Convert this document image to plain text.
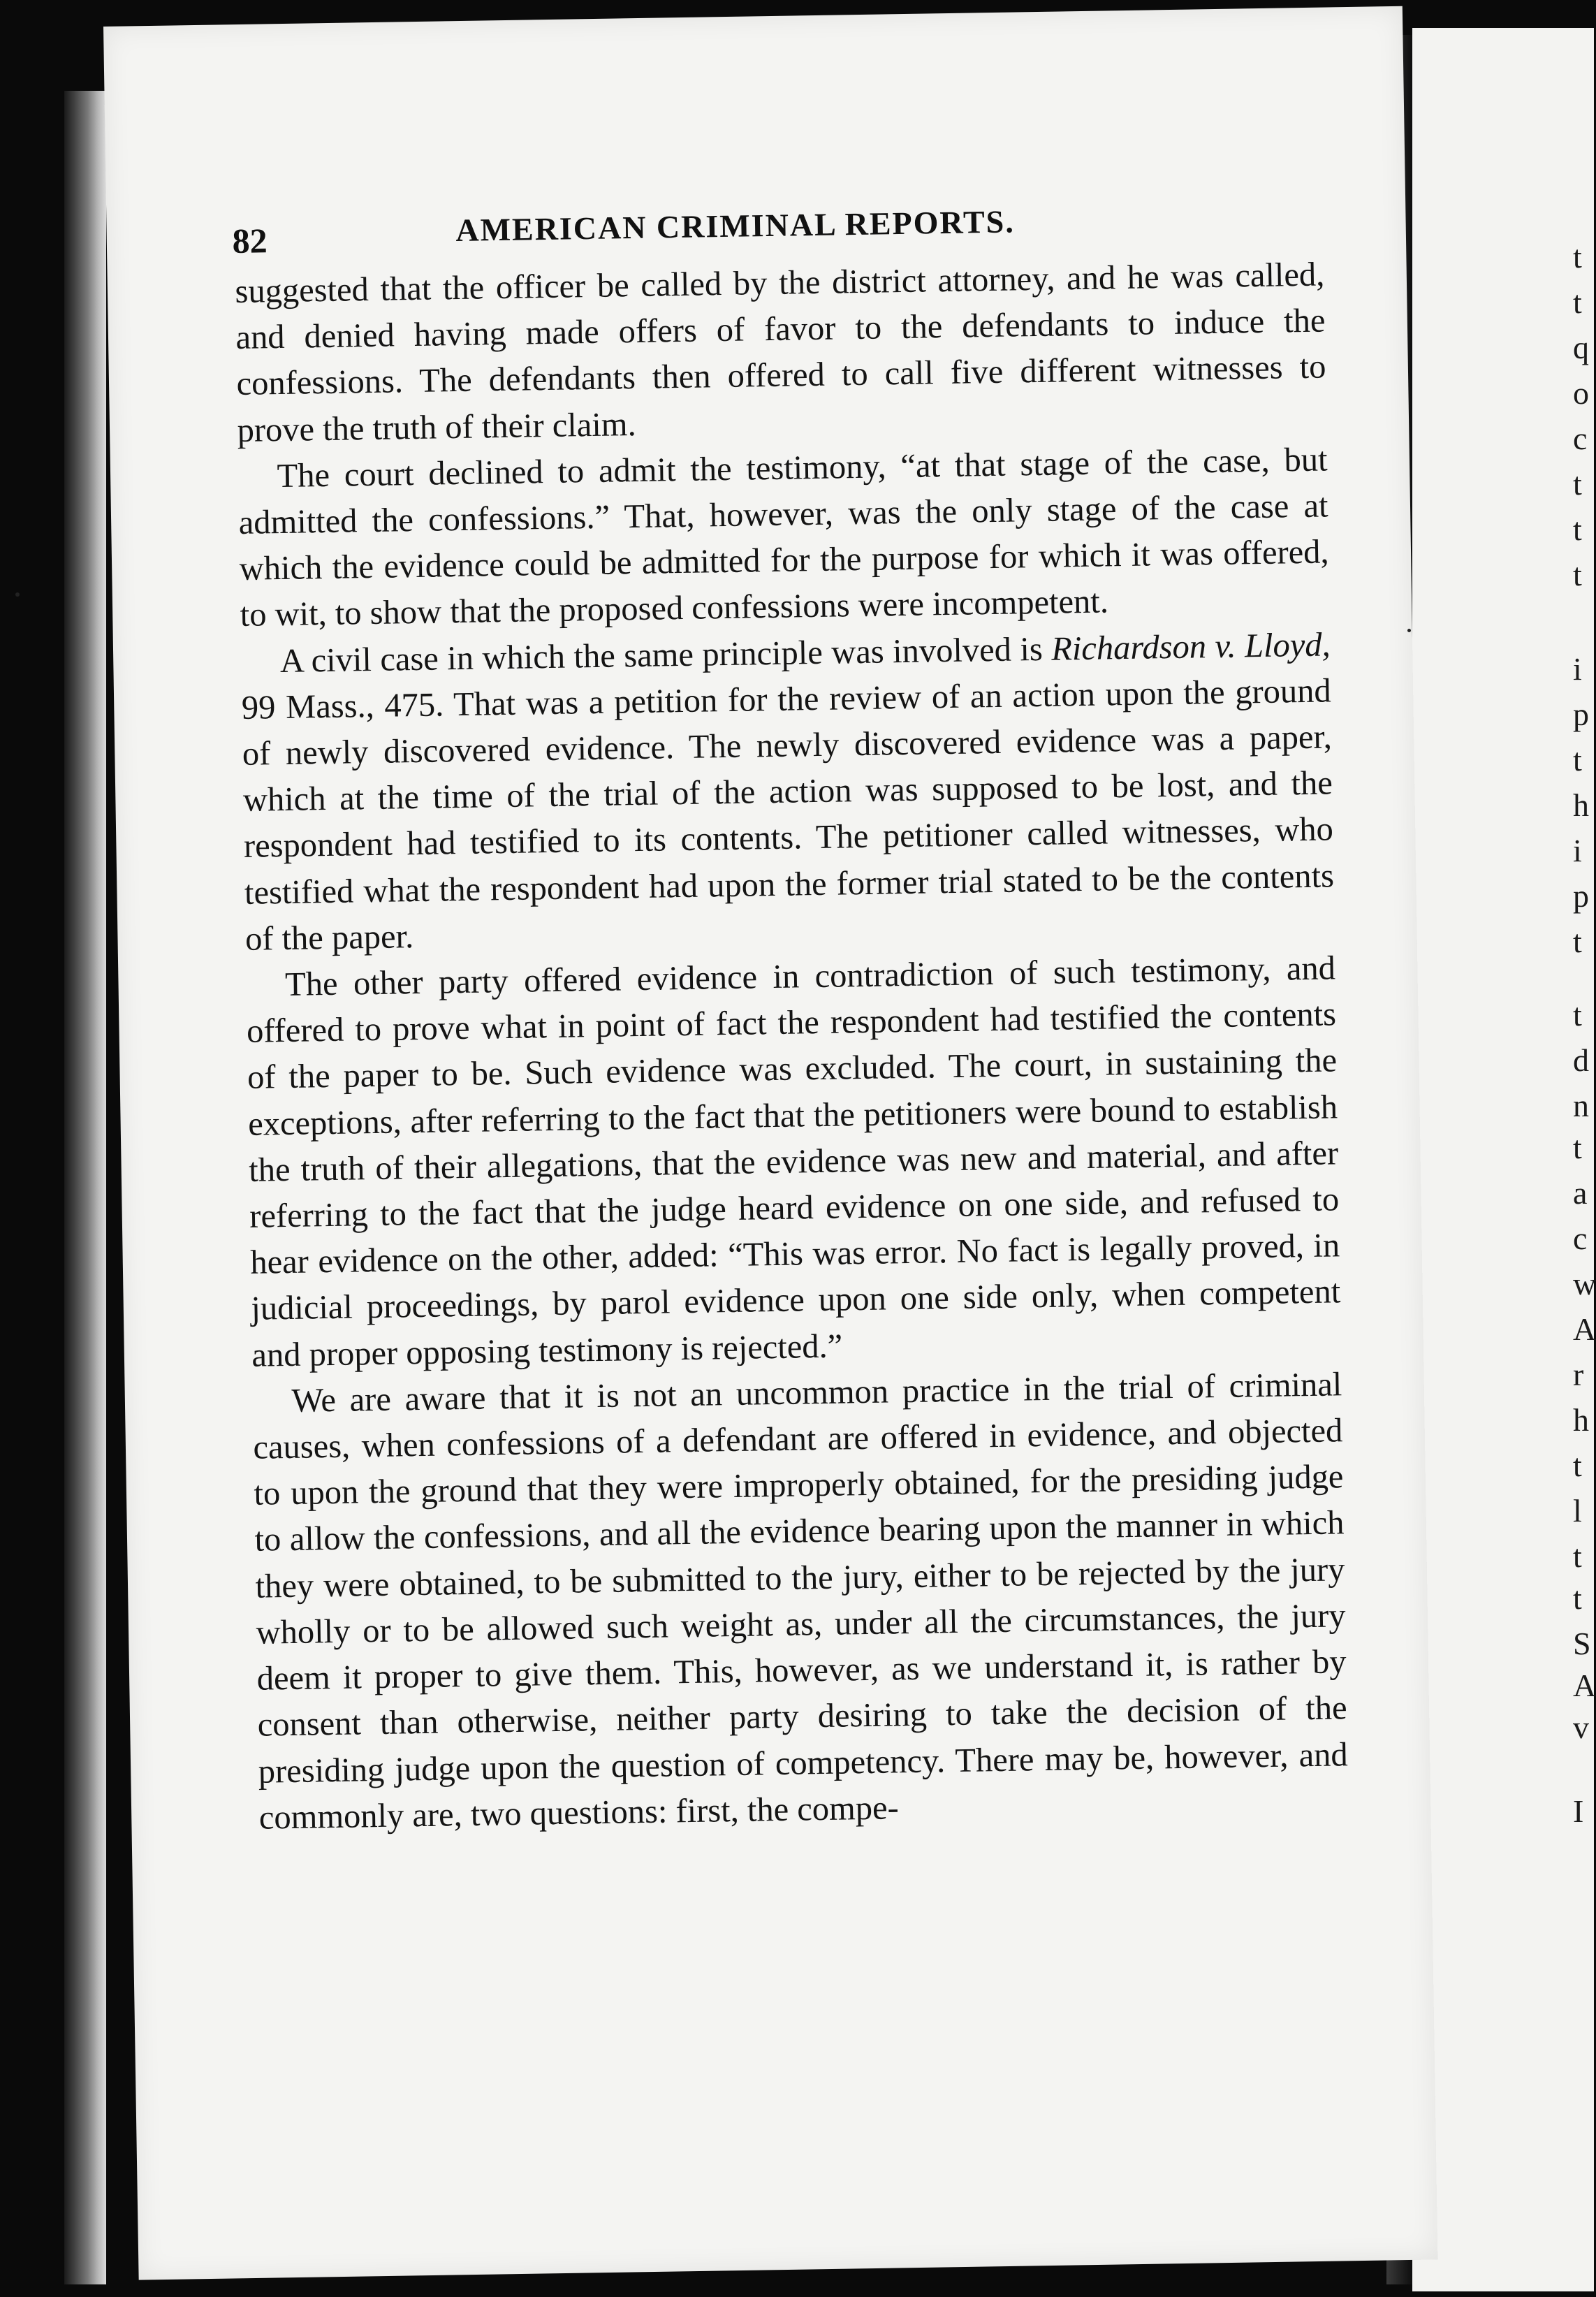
t
t
q
o
c
t
t
t
i
p
t
h
i
p
t
t
d
n
t
a
c
w
A
r
h
t
l
t
t
S
A
v
I
82	AMERICAN CRIMINAL REPORTS.

suggested that the officer be called by the district attorney, and he was called, and denied having made offers of favor to the defendants to induce the confessions. The defendants then offered to call five different witnesses to prove the truth of their claim.

The court declined to admit the testimony, “at that stage of the case, but admitted the confessions.” That, however, was the only stage of the case at which the evidence could be admitted for the purpose for which it was offered, to wit, to show that the proposed confessions were incompetent.

A civil case in which the same principle was involved is Richardson v. Lloyd, 99 Mass., 475. That was a petition for the review of an action upon the ground of newly discovered evidence. The newly discovered evidence was a paper, which at the time of the trial of the action was supposed to be lost, and the respondent had testified to its contents. The petitioner called witnesses, who testified what the respondent had upon the former trial stated to be the contents of the paper.

The other party offered evidence in contradiction of such testimony, and offered to prove what in point of fact the respondent had testified the contents of the paper to be. Such evidence was excluded. The court, in sustaining the exceptions, after referring to the fact that the petitioners were bound to establish the truth of their allegations, that the evidence was new and material, and after referring to the fact that the judge heard evidence on one side, and refused to hear evidence on the other, added: “This was error. No fact is legally proved, in judicial proceedings, by parol evidence upon one side only, when competent and proper opposing testimony is rejected.”

We are aware that it is not an uncommon practice in the trial of criminal causes, when confessions of a defendant are offered in evidence, and objected to upon the ground that they were improperly obtained, for the presiding judge to allow the confessions, and all the evidence bearing upon the manner in which they were obtained, to be submitted to the jury, either to be rejected by the jury wholly or to be allowed such weight as, under all the circumstances, the jury deem it proper to give them. This, however, as we understand it, is rather by consent than otherwise, neither party desiring to take the decision of the presiding judge upon the question of competency. There may be, however, and commonly are, two questions: first, the compe-
